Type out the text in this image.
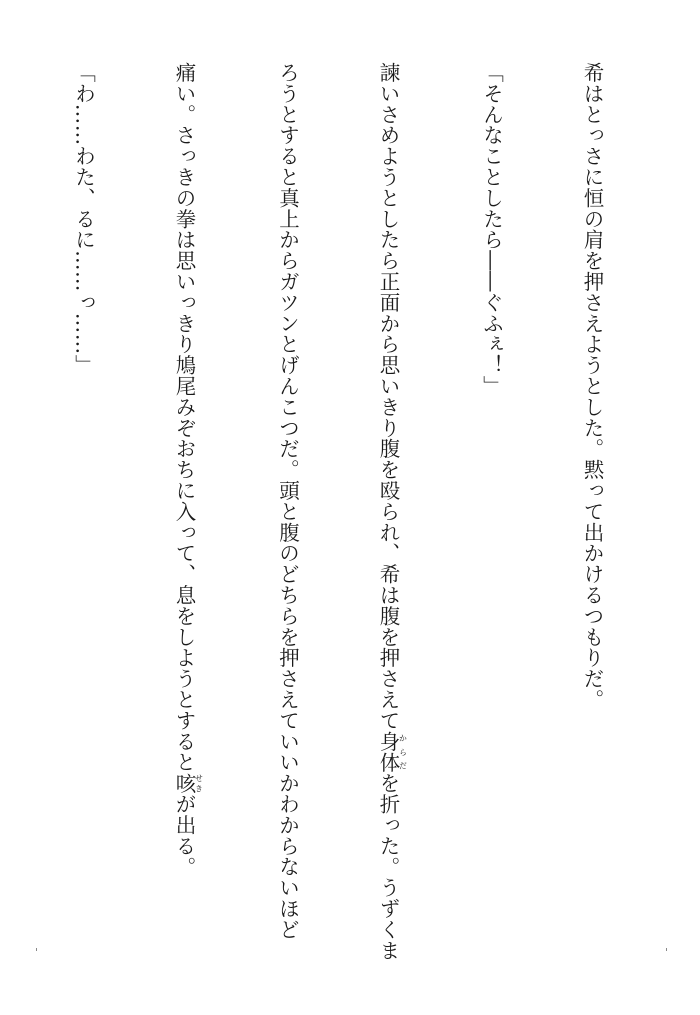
希はとっさに恒の肩を押さえようとした。黙って出かけるつもりだ。

「そんなことしたら――ぐふぇ！」

諫いさめようとしたら正面から思いきり腹を殴られ、希は腹を押さえて身体からだを折った。うずくま

ろうとすると真上からガツンとげんこつだ。頭と腹のどちらを押さえていいかわからないほど

痛い。さっきの拳は思いっきり鳩尾みぞおちに入って、息をしようとすると咳せきが出る。

「わ……わた、るに……っ……」
